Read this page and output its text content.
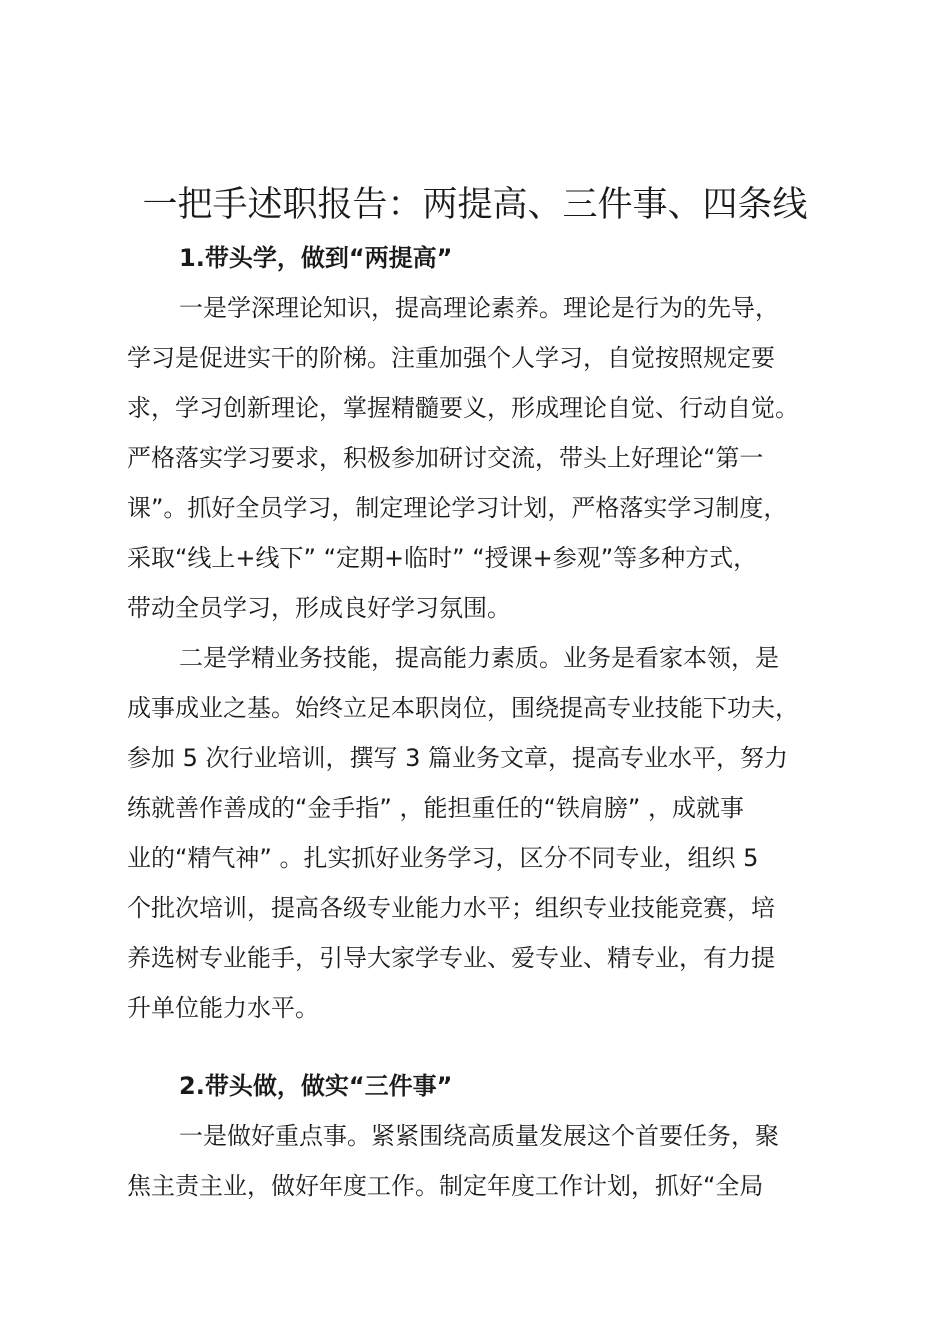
一把手述职报告：两提高、三件事、四条线
1.带头学，做到“两提高”
一是学深理论知识，提高理论素养。理论是行为的先导，
学习是促进实干的阶梯。注重加强个人学习，自觉按照规定要
求，学习创新理论，掌握精髓要义，形成理论自觉、行动自觉。
严格落实学习要求，积极参加研讨交流，带头上好理论“第一
课”。抓好全员学习，制定理论学习计划，严格落实学习制度，
采取“线上+线下” “定期+临时” “授课+参观”等多种方式，
带动全员学习，形成良好学习氛围。
二是学精业务技能，提高能力素质。业务是看家本领，是
成事成业之基。始终立足本职岗位，围绕提高专业技能下功夫，
参加 5 次行业培训，撰写 3 篇业务文章，提高专业水平，努力
练就善作善成的“金手指” ，能担重任的“铁肩膀” ，成就事
业的“精气神” 。扎实抓好业务学习，区分不同专业，组织 5
个批次培训，提高各级专业能力水平；组织专业技能竞赛，培
养选树专业能手，引导大家学专业、爱专业、精专业，有力提
升单位能力水平。
2.带头做，做实“三件事”
一是做好重点事。紧紧围绕高质量发展这个首要任务，聚
焦主责主业，做好年度工作。制定年度工作计划，抓好“全局
